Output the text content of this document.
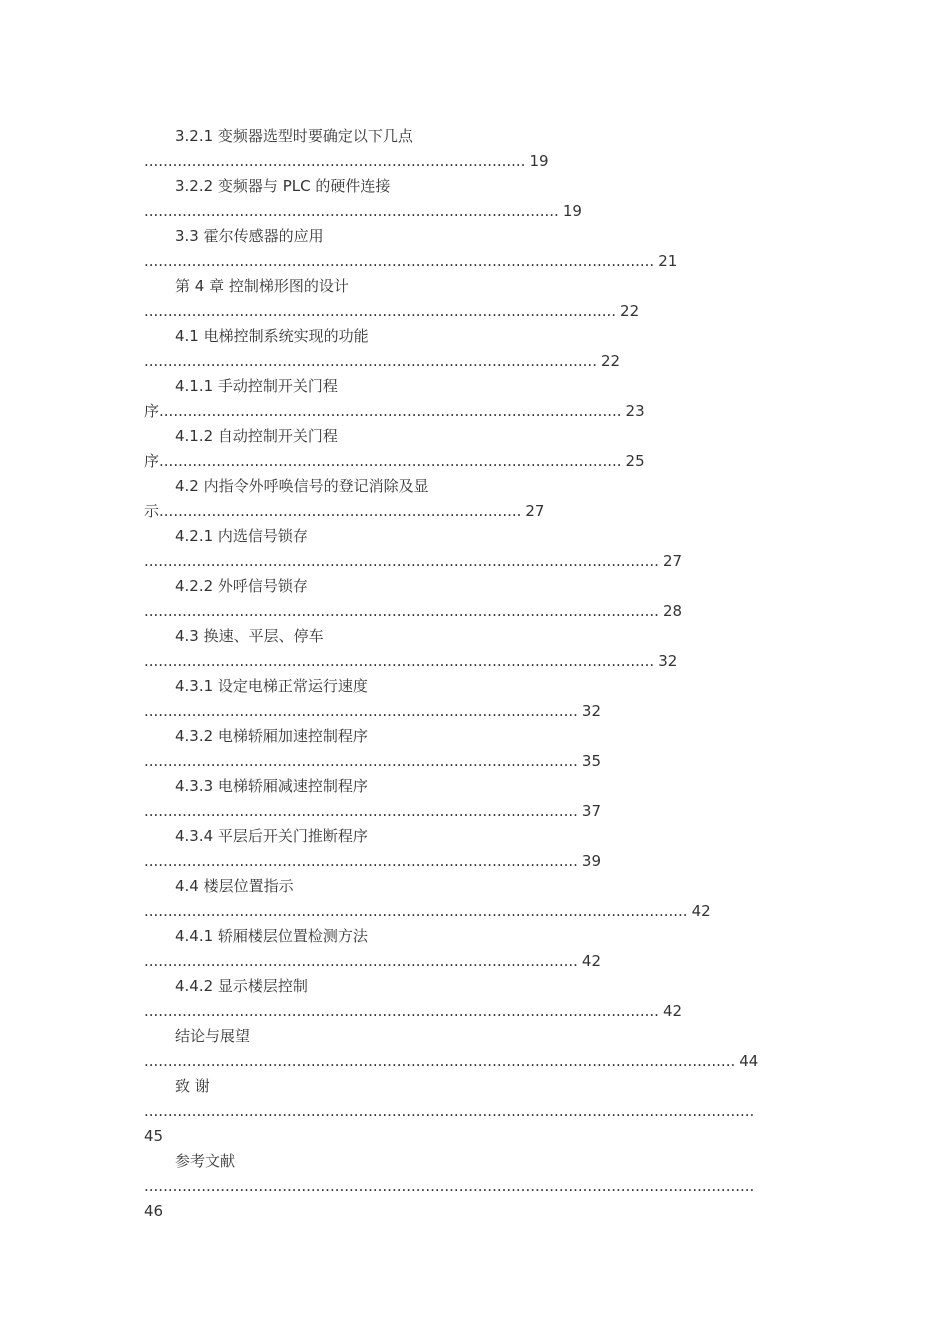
3.2.1 变频器选型时要确定以下几点
................................................................................ 19
3.2.2 变频器与 PLC 的硬件连接
....................................................................................... 19
3.3 霍尔传感器的应用
........................................................................................................... 21
第 4 章 控制梯形图的设计
................................................................................................... 22
4.1 电梯控制系统实现的功能
............................................................................................... 22
4.1.1 手动控制开关门程
序................................................................................................. 23
4.1.2 自动控制开关门程
序................................................................................................. 25
4.2 内指令外呼唤信号的登记消除及显
示............................................................................ 27
4.2.1 内选信号锁存
............................................................................................................ 27
4.2.2 外呼信号锁存
............................................................................................................ 28
4.3 换速、平层、停车
........................................................................................................... 32
4.3.1 设定电梯正常运行速度
........................................................................................... 32
4.3.2 电梯轿厢加速控制程序
........................................................................................... 35
4.3.3 电梯轿厢减速控制程序
........................................................................................... 37
4.3.4 平层后开关门推断程序
........................................................................................... 39
4.4 楼层位置指示
.................................................................................................................. 42
4.4.1 轿厢楼层位置检测方法
........................................................................................... 42
4.4.2 显示楼层控制
............................................................................................................ 42
结论与展望
............................................................................................................................ 44
致 谢
................................................................................................................................
45
参考文献
................................................................................................................................
46
